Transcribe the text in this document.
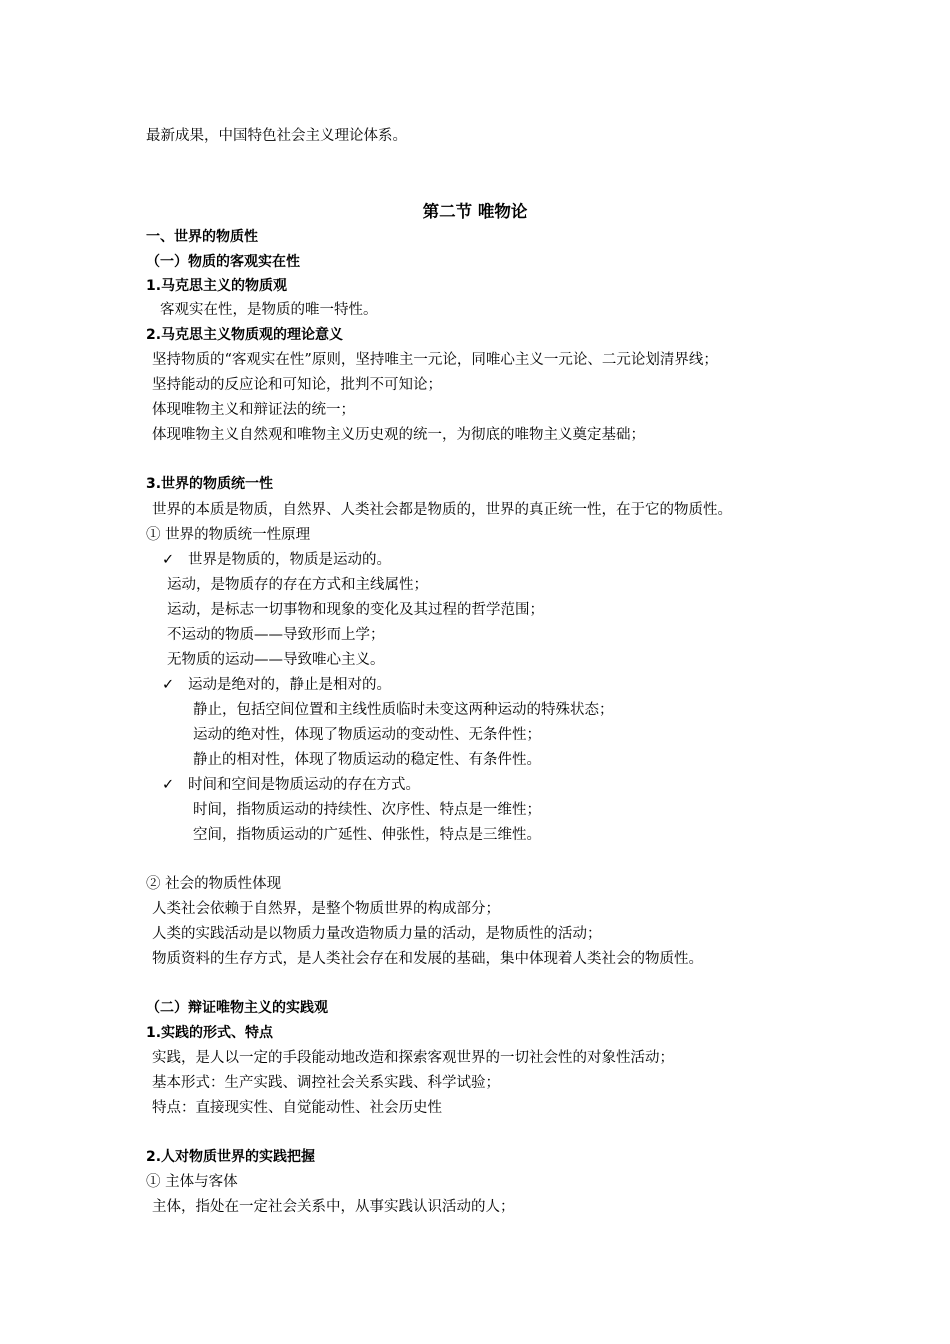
最新成果，中国特色社会主义理论体系。
第二节 唯物论
一、世界的物质性
（一）物质的客观实在性
1.马克思主义的物质观
客观实在性，是物质的唯一特性。
2.马克思主义物质观的理论意义
坚持物质的“客观实在性”原则，坚持唯主一元论，同唯心主义一元论、二元论划清界线；
坚持能动的反应论和可知论，批判不可知论；
体现唯物主义和辩证法的统一；
体现唯物主义自然观和唯物主义历史观的统一，为彻底的唯物主义奠定基础；
3.世界的物质统一性
世界的本质是物质，自然界、人类社会都是物质的，世界的真正统一性，在于它的物质性。
① 世界的物质统一性原理
✓ 世界是物质的，物质是运动的。
运动，是物质存的存在方式和主线属性；
运动，是标志一切事物和现象的变化及其过程的哲学范围；
不运动的物质——导致形而上学；
无物质的运动——导致唯心主义。
✓ 运动是绝对的，静止是相对的。
静止，包括空间位置和主线性质临时未变这两种运动的特殊状态；
运动的绝对性，体现了物质运动的变动性、无条件性；
静止的相对性，体现了物质运动的稳定性、有条件性。
✓ 时间和空间是物质运动的存在方式。
时间，指物质运动的持续性、次序性、特点是一维性；
空间，指物质运动的广延性、伸张性，特点是三维性。
② 社会的物质性体现
人类社会依赖于自然界，是整个物质世界的构成部分；
人类的实践活动是以物质力量改造物质力量的活动，是物质性的活动；
物质资料的生存方式，是人类社会存在和发展的基础，集中体现着人类社会的物质性。
（二）辩证唯物主义的实践观
1.实践的形式、特点
实践，是人以一定的手段能动地改造和探索客观世界的一切社会性的对象性活动；
基本形式：生产实践、调控社会关系实践、科学试验；
特点：直接现实性、自觉能动性、社会历史性
2.人对物质世界的实践把握
① 主体与客体
主体，指处在一定社会关系中，从事实践认识活动的人；
